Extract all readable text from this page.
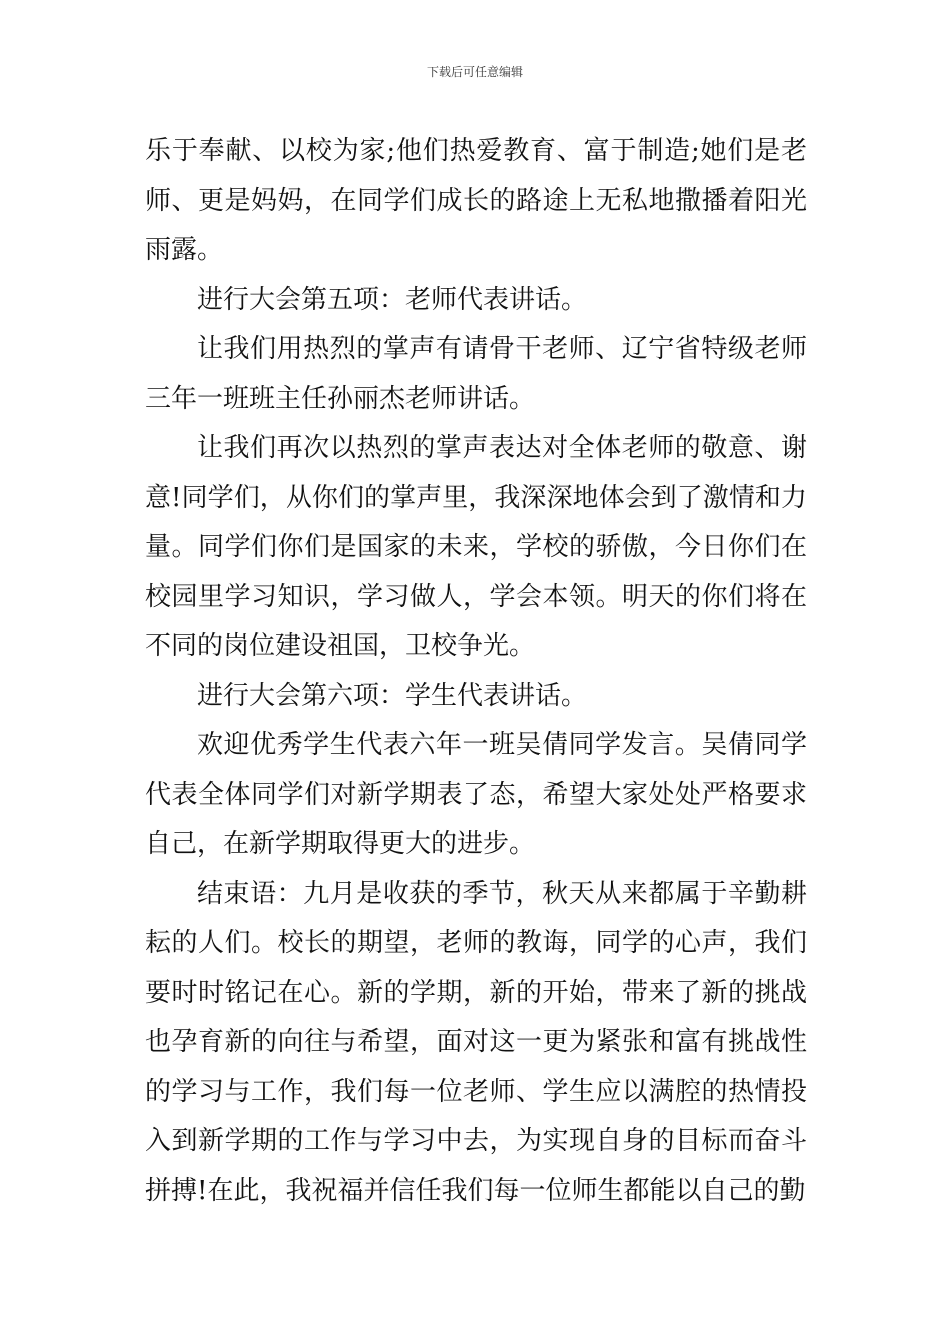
下载后可任意编辑

乐于奉献、以校为家;他们热爱教育、富于制造;她们是老师、更是妈妈，在同学们成长的路途上无私地撒播着阳光雨露。

进行大会第五项：老师代表讲话。

让我们用热烈的掌声有请骨干老师、辽宁省特级老师三年一班班主任孙丽杰老师讲话。

让我们再次以热烈的掌声表达对全体老师的敬意、谢意!同学们，从你们的掌声里，我深深地体会到了激情和力量。同学们你们是国家的未来，学校的骄傲，今日你们在校园里学习知识，学习做人，学会本领。明天的你们将在不同的岗位建设祖国，卫校争光。

进行大会第六项：学生代表讲话。

欢迎优秀学生代表六年一班吴倩同学发言。吴倩同学代表全体同学们对新学期表了态，希望大家处处严格要求自己，在新学期取得更大的进步。

结束语：九月是收获的季节，秋天从来都属于辛勤耕耘的人们。校长的期望，老师的教诲，同学的心声，我们要时时铭记在心。新的学期，新的开始，带来了新的挑战也孕育新的向往与希望，面对这一更为紧张和富有挑战性的学习与工作，我们每一位老师、学生应以满腔的热情投入到新学期的工作与学习中去，为实现自身的目标而奋斗拼搏!在此，我祝福并信任我们每一位师生都能以自己的勤
